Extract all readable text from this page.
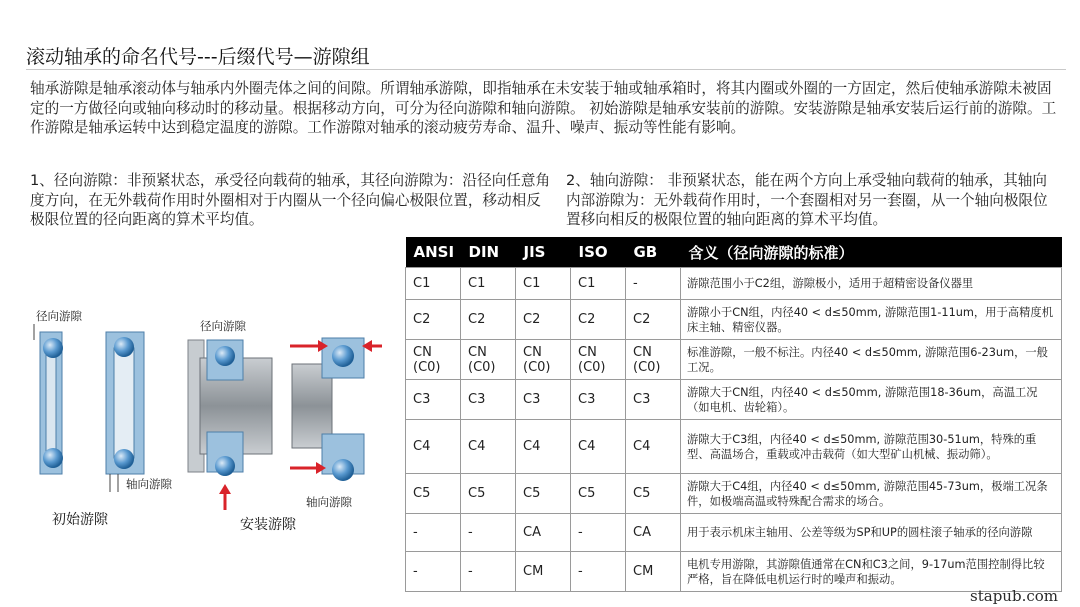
滚动轴承的命名代号---后缀代号—游隙组
轴承游隙是轴承滚动体与轴承内外圈壳体之间的间隙。所谓轴承游隙，即指轴承在未安装于轴或轴承箱时，将其内圈或外圈的一方固定，然后使轴承游隙未被固定的一方做径向或轴向移动时的移动量。根据移动方向，可分为径向游隙和轴向游隙。 初始游隙是轴承安装前的游隙。安装游隙是轴承安装后运行前的游隙。工作游隙是轴承运转中达到稳定温度的游隙。工作游隙对轴承的滚动疲劳寿命、温升、噪声、振动等性能有影响。
1、径向游隙：非预紧状态，承受径向载荷的轴承，其径向游隙为：沿径向任意角度方向，在无外载荷作用时外圈相对于内圈从一个径向偏心极限位置，移动相反极限位置的径向距离的算术平均值。
2、轴向游隙： 非预紧状态，能在两个方向上承受轴向载荷的轴承，其轴向内部游隙为：无外载荷作用时，一个套圈相对另一套圈，从一个轴向极限位置移向相反的极限位置的轴向距离的算术平均值。
径向游隙
轴向游隙
初始游隙
径向游隙
轴向游隙
安装游隙
ANSI	DIN	JIS	ISO	GB	含义（径向游隙的标准）
C1	C1	C1	C1	-	游隙范围小于C2组，游隙极小，适用于超精密设备仪器里
C2	C2	C2	C2	C2	游隙小于CN组，内径40 < d≤50mm, 游隙范围1-11um，用于高精度机床主轴、精密仪器。
CN (C0)	CN (C0)	CN (C0)	CN (C0)	CN (C0)	标准游隙，一般不标注。内径40 < d≤50mm, 游隙范围6-23um，一般工况。
C3	C3	C3	C3	C3	游隙大于CN组，内径40 < d≤50mm, 游隙范围18-36um，高温工况（如电机、齿轮箱）。
C4	C4	C4	C4	C4	游隙大于C3组，内径40 < d≤50mm, 游隙范围30-51um，特殊的重型、高温场合，重载或冲击载荷（如大型矿山机械、振动筛）。
C5	C5	C5	C5	C5	游隙大于C4组，内径40 < d≤50mm, 游隙范围45-73um，极端工况条件，如极端高温或特殊配合需求的场合。
-	-	CA	-	CA	用于表示机床主轴用、公差等级为SP和UP的圆柱滚子轴承的径向游隙
-	-	CM	-	CM	电机专用游隙，其游隙值通常在CN和C3之间，9-17um范围控制得比较严格，旨在降低电机运行时的噪声和振动。
stapub.com
